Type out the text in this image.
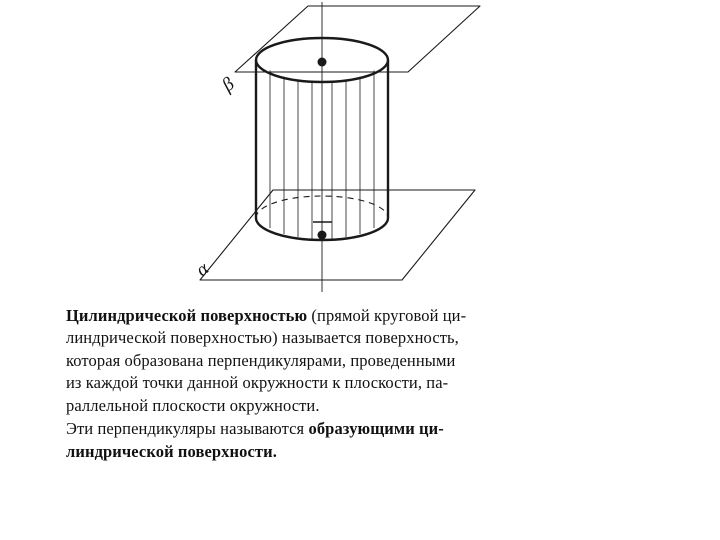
β
α
Цилиндрической поверхностью (прямой круговой ци-
линдрической поверхностью) называется поверхность,
которая образована перпендикулярами, проведенными
из каждой точки данной окружности к плоскости, па-
раллельной плоскости окружности.
Эти перпендикуляры называются образующими ци-
линдрической поверхности.
